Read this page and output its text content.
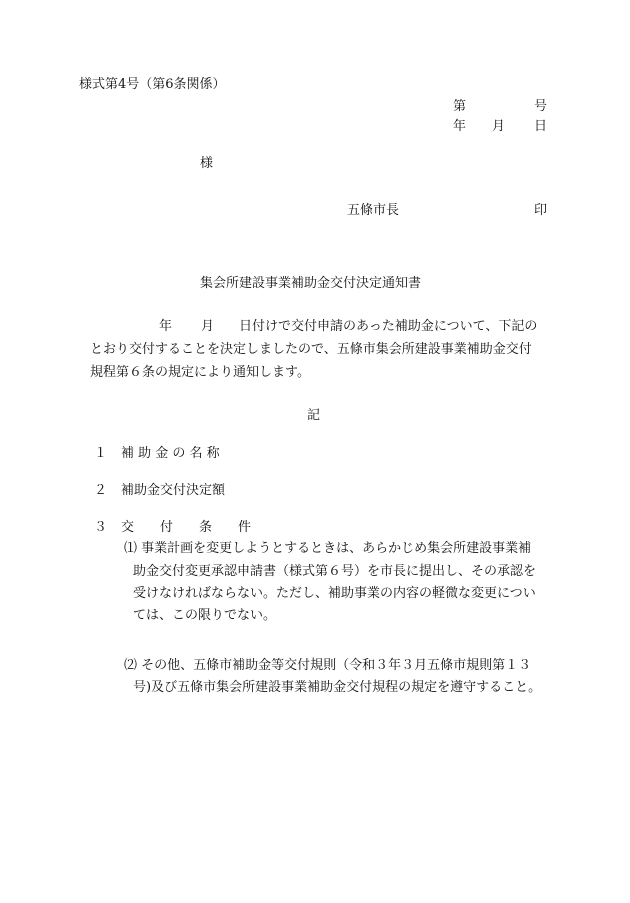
様式第4号（第6条関係）
第	号
年 月 日
様
五條市長	印
集会所建設事業補助金交付決定通知書
年 月 日付けで交付申請のあった補助金について、下記の
とおり交付することを決定しましたので、五條市集会所建設事業補助金交付
規程第６条の規定により通知します。
記
１ 補 助 金 の 名 称
２ 補助金交付決定額
３ 交　　付　　条　　件
⑴ 事業計画を変更しようとするときは、あらかじめ集会所建設事業補
助金交付変更承認申請書（様式第６号）を市長に提出し、その承認を
受けなければならない。ただし、補助事業の内容の軽微な変更につい
ては、この限りでない。
⑵ その他、五條市補助金等交付規則（令和３年３月五條市規則第１３
号)及び五條市集会所建設事業補助金交付規程の規定を遵守すること。
